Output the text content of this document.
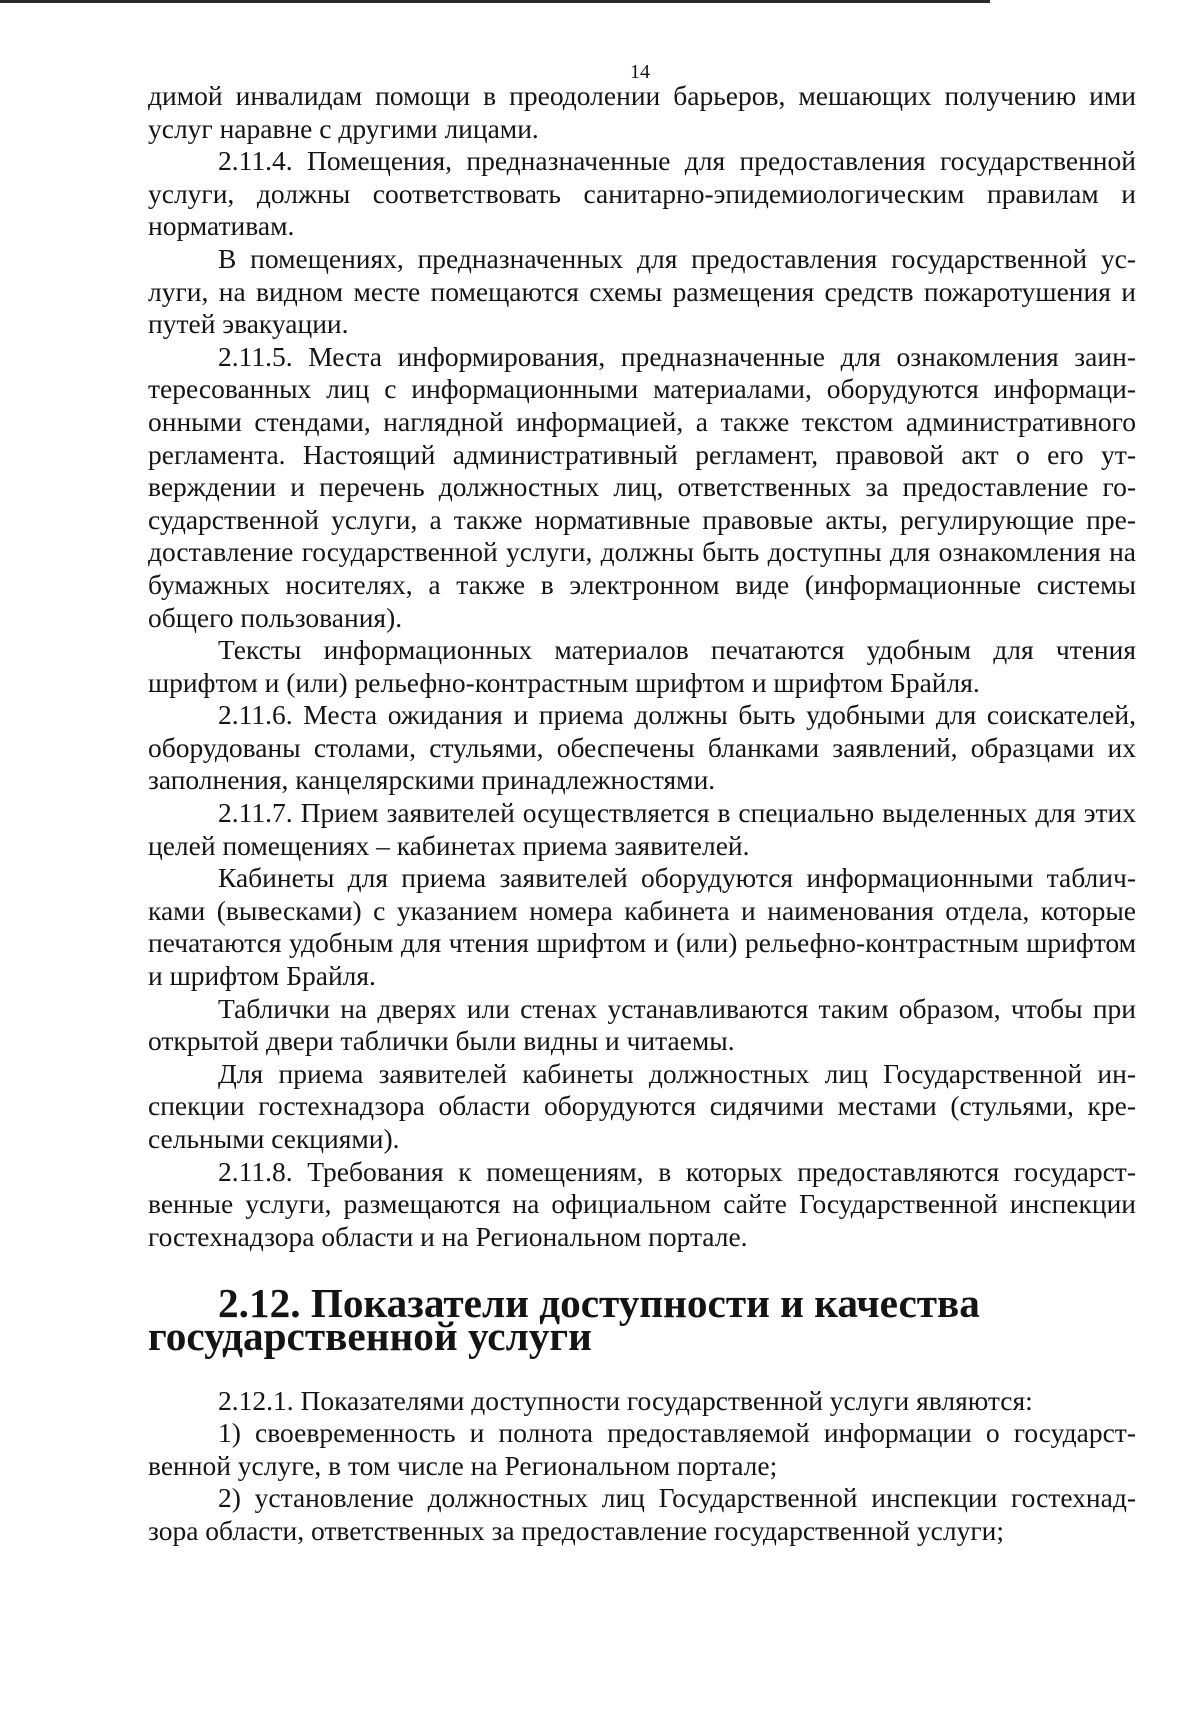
14

димой инвалидам помощи в преодолении барьеров, мешающих получению ими услуг наравне с другими лицами.

2.11.4. Помещения, предназначенные для предоставления государственной услуги, должны соответствовать санитарно-эпидемиологическим правилам и нормативам.

В помещениях, предназначенных для предоставления государственной услуги, на видном месте помещаются схемы размещения средств пожаротушения и путей эвакуации.

2.11.5. Места информирования, предназначенные для ознакомления заинтересованных лиц с информационными материалами, оборудуются информационными стендами, наглядной информацией, а также текстом административного регламента. Настоящий административный регламент, правовой акт о его утверждении и перечень должностных лиц, ответственных за предоставление государственной услуги, а также нормативные правовые акты, регулирующие предоставление государственной услуги, должны быть доступны для ознакомления на бумажных носителях, а также в электронном виде (информационные системы общего пользования).

Тексты информационных материалов печатаются удобным для чтения шрифтом и (или) рельефно-контрастным шрифтом и шрифтом Брайля.

2.11.6. Места ожидания и приема должны быть удобными для соискателей, оборудованы столами, стульями, обеспечены бланками заявлений, образцами их заполнения, канцелярскими принадлежностями.

2.11.7. Прием заявителей осуществляется в специально выделенных для этих целей помещениях – кабинетах приема заявителей.

Кабинеты для приема заявителей оборудуются информационными табличками (вывесками) с указанием номера кабинета и наименования отдела, которые печатаются удобным для чтения шрифтом и (или) рельефно-контрастным шрифтом и шрифтом Брайля.

Таблички на дверях или стенах устанавливаются таким образом, чтобы при открытой двери таблички были видны и читаемы.

Для приема заявителей кабинеты должностных лиц Государственной инспекции гостехнадзора области оборудуются сидячими местами (стульями, кресельными секциями).

2.11.8. Требования к помещениям, в которых предоставляются государственные услуги, размещаются на официальном сайте Государственной инспекции гостехнадзора области и на Региональном портале.

2.12. Показатели доступности и качества государственной услуги

2.12.1. Показателями доступности государственной услуги являются:

1) своевременность и полнота предоставляемой информации о государственной услуге, в том числе на Региональном портале;

2) установление должностных лиц Государственной инспекции гостехнадзора области, ответственных за предоставление государственной услуги;
